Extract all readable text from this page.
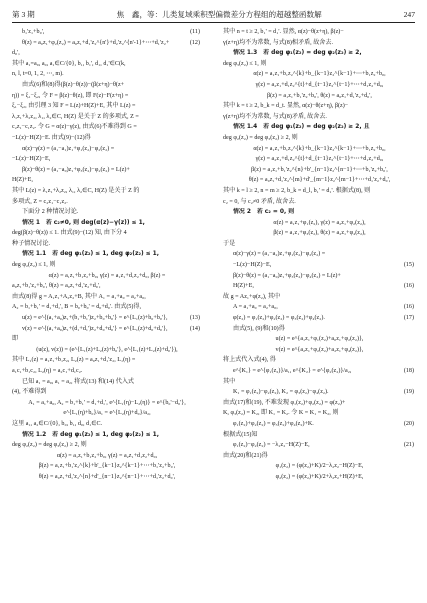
第 3 期	焦　鑫，等：儿类复域乘积型偏微差分方程组的超越整函数解	247
b₁'z₁+b₀',	(11)
θ(z) = a₀z₁+φ₂(z₂) = a₀z₁+d₁'z₂^{n'}+d₂'z₂^{n'-1}+⋯+d₁'z₂+	(12)
d₀',
其中 a₁=a₀, a₀, a₁∈C/{0}, b₁, b₁', d₁, d₁'∈C(k,
n, l, t=0, 1, 2, ⋯, m).
由式(6)和(8)得(β(z)−θ(z))−(β(z+η)−θ(z+
η)) = ξ₁−ξ₂, 令 F = β(z)−θ(z), 即 F(z)−F(z+η) =
ξ₁−ξ₂, 由引理 3 知 F = L(z)+H(Z)+E, 其中 L(z) =
λ₁z₁+λ₂z₂, λ₁, λ₂∈C, H(Z) 是关于 Z 的多项式, Z =
c₂z₁−c₁z₂. 令 G = α(z)−γ(z), 由式(6)不难得到 G =
−L(z)−H(Z)−E. 由式(9)−(12)得
α(z)−γ(z) = (a₁−a₁)z₁+φ₁(z₂)−φ₂(z₂) =
−L(z)−H(Z)−E,
β(z)−θ(z) = (a₁−a₀)z₁+φ₃(z₂)−φ₂(z₂) = L(z)+
H(Z)+E,
其中 L(z) = λ₁z₁+λ₂z₂, λ₁, λ₂∈C, H(Z) 是关于 Z 的
多项式, Z = c₂z₁−c₁z₂.
下面分 2 种情况讨论.
情况 1　若 c₂≠0, 则 deg(α(z)−γ(z)) ≤ 1,
deg(β(z)−θ(z)) ≤ 1. 由式(9)−(12) 知, 由下分 4
种子情况讨论.
情况 1.1　若 deg φ₁(z₂) ≤ 1, deg φ₂(z₂) ≤ 1,
deg φ₂(z₂) ≤ 1, 则
α(z) = a₁z₁+b₁z₂+b₀, γ(z) = a₁z₁+d₁z₂+d₀, β(z) =
a₀z₁+b₁'z₂+b₀', θ(z) = a₀z₁+d₁'z₂+d₀',
由式(8)得 g = A₁z₁+A₂z₂+B, 其中 A₁ = a₁+a₀ = a₂+a₀,
A₂ = b₁+b₁' = d₁+d₁', B = b₀+b₀' = d₀+d₀'. 由式(5)得,
u(z) = e^{(a₁+a₀)z₁+(b₁+b₁')z₂+b₀+b₀'} = e^{L₁(z)+b₀+b₀'},	(13)
v(z) = e^{(a₁+a₀)z₁+(d₁+d₁')z₂+d₀+d₀'} = e^{L₁(z)+d₀+d₀'},	(14)
即
(u(z), v(z)) = (e^{L₁(z)+L₂(z)+b₀'}, e^{L₁(z)+L₂(z)+d₀'}),
其中 L₁(z) = a₁z₁+b₁z₂, L₂(z) = a₀z₁+d₁'z₂, L₁(η) =
a₁c₁+b₁c₂, L₂(η) = a₂c₁+d₁c₂.
已知 a₁ = a₀, a₁ = a₂, 将式(13) 和(14) 代入式
(4), 不难得到
A₁ = a₁+a₀, A₂ = b₁+b₁' = d₁+d₁', e^{L₁(η)−L₂(η)} = e^{b₀'−d₀'},
e^{L₁(η)+b₀}/a₁ = e^{L₂(η)+d₀}/a₂,
这里 a₁, a₂∈C/{0}, b₀, b₁, d₀, d₁∈C.
情况 1.2　若 deg φ₁(z₂) ≤ 1, deg φ₂(z₂) ≤ 1,
deg φ₂(z₂) = deg φ₃(z₂) ≥ 2, 则
α(z) = a₁z₁+b₁z₂+b₀, γ(z) = a₂z₁+d₁z₂+d₀,
β(z) = a₁z₁+b₁'z₂^{k}+b'_{k−1}z₂^{k−1}+⋯+b₁'z₂+b₀',
θ(z) = a₀z₁+d₁'z₂^{n}+d'_{n−1}z₂^{n−1}+⋯+d₁'z₂+d₀',
其中 n = t ≥ 2, b₁' = d₁'. 显然, α(z)−θ(z+η), β(z)−
γ(z+η)均不为常数, 与式(8)相矛盾, 故舍去.
情况 1.3　若 deg φ₁(z₂) = deg φ₂(z₂) ≥ 2,
deg φ₃(z₂) ≤ 1, 则
α(z) = a₁z₁+b₁z₂^{k}+b_{k−1}z₂^{k−1}+⋯+b₁z₂+b₀,
γ(z) = a₂z₁+d₁z₂^{t}+d_{t−1}z₂^{t−1}+⋯+d₁z₂+d₀,
β(z) = a₁z₁+b₁'z₂+b₀', θ(z) = a₀z₁+d₁'z₂+d₀',
其中 k = t ≥ 2, b_k = d_t. 显然, α(z)−θ(z+η), β(z)−
γ(z+η)均不为常数, 与式(8)矛盾, 故舍去.
情况 1.4　若 deg φ₁(z₂) = deg φ₂(z₂) ≥ 2, 且
deg φ₂(z₂) = deg φ₃(z₂) ≥ 2, 则
α(z) = a₁z₁+b₁z₂^{k}+b_{k−1}z₂^{k−1}+⋯+b₁z₂+b₀,
γ(z) = a₂z₁+d₁z₂^{t}+d_{t−1}z₂^{t−1}+⋯+d₁z₂+d₀,
β(z) = a₁z₁+b₁'z₂^{n}+b'_{n−1}z₂^{n−1}+⋯+b₁'z₂+b₀',
θ(z) = a₀z₁+d₁'z₂^{m}+d'_{m−1}z₂^{m−1}+⋯+d₁'z₂+d₀',
其中 k = l ≥ 2, n = m ≥ 2, b_k = d_l, b₁' = d₁'. 根据式(8), 则
c₂ = 0, 与 c₂≠0 矛盾, 故舍去.
情况 2　若 c₂ = 0, 则
α(z) = a₁z₁+φ₁(z₂), γ(z) = a₂z₁+φ₂(z₂),
β(z) = a₁z₁+φ₃(z₂), θ(z) = a₂z₁+φ₄(z₂),
于是
α(z)−γ(z) = (a₁−a₂)z₁+φ₁(z₂)−φ₂(z₂) =
−L(z)−H(Z)−E,	(15)
β(z)−θ(z) = (a₁−a₀)z₁+φ₃(z₂)−φ₄(z₂) = L(z)+
H(Z)+E,	(16)
故 g = Az₁+φ(z₂), 其中
A = a₁+a₀ = a₂+a₀,	(16)
φ(z₂) = φ₁(z₂)+φ₂(z₂) = φ₃(z₂)+φ₄(z₂).	(17)
由式(5), (9)和(10)得
u(z) = e^{a₁z₁+φ₁(z₂)+a₀z₁+φ₂(z₂)},
v(z) = e^{a₂z₁+φ₂(z₂)+a₂z₁+φ₄(z₂)},
将上式代入式(4), 得
e^{K₁} = e^{φ₁(z₂)}/a₁, e^{K₂} = e^{φ₂(z₂)}/a₂,	(18)
其中
K₁ = φ₁(z₂)−φ₂(z₂), K₂ = φ₃(z₂)−φ₄(z₂).	(19)
由式(17)和(19), 不难发现 φ₁(z₂)+φ₂(z₂) = φ(z₂)+
K, φ₃(z₂) = K₂, 即 K₁ = K₂. 令 K = K₁ = K₂, 则
φ₁(z₂)+φ₂(z₂) = φ₃(z₂)+φ₄(z₂)+K.	(20)
根据式(15)知
φ₁(z₂)−φ₂(z₂) = −λ₂z₂−H(Z)−E,	(21)
由式(20)和(21)得
φ₁(z₂) = (φ(z₂)+K)/2−λ₂z₂−H(Z)−E,
φ₂(z₂) = (φ(z₂)+K)/2+λ₂z₂+H(Z)+E,
